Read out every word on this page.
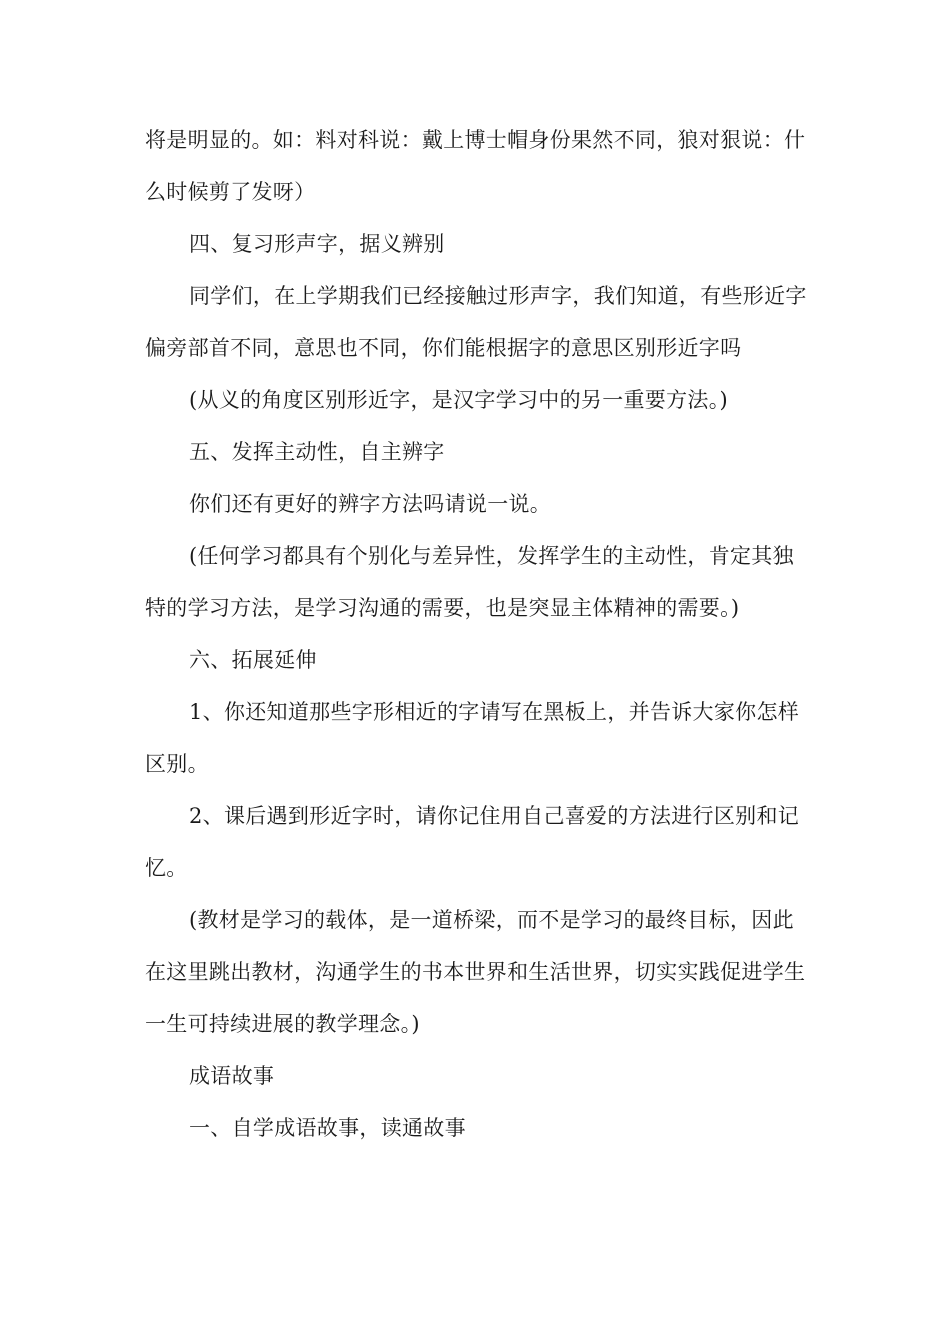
将是明显的。如：料对科说：戴上博士帽身份果然不同，狼对狠说：什么时候剪了发呀）

四、复习形声字，据义辨别

同学们，在上学期我们已经接触过形声字，我们知道，有些形近字偏旁部首不同，意思也不同，你们能根据字的意思区别形近字吗

(从义的角度区别形近字，是汉字学习中的另一重要方法。)

五、发挥主动性，自主辨字

你们还有更好的辨字方法吗请说一说。

(任何学习都具有个别化与差异性，发挥学生的主动性，肯定其独特的学习方法，是学习沟通的需要，也是突显主体精神的需要。)

六、拓展延伸

1、你还知道那些字形相近的字请写在黑板上，并告诉大家你怎样区别。

2、课后遇到形近字时，请你记住用自己喜爱的方法进行区别和记忆。

(教材是学习的载体，是一道桥梁，而不是学习的最终目标，因此在这里跳出教材，沟通学生的书本世界和生活世界，切实实践促进学生一生可持续进展的教学理念。)

成语故事

一、自学成语故事，读通故事
